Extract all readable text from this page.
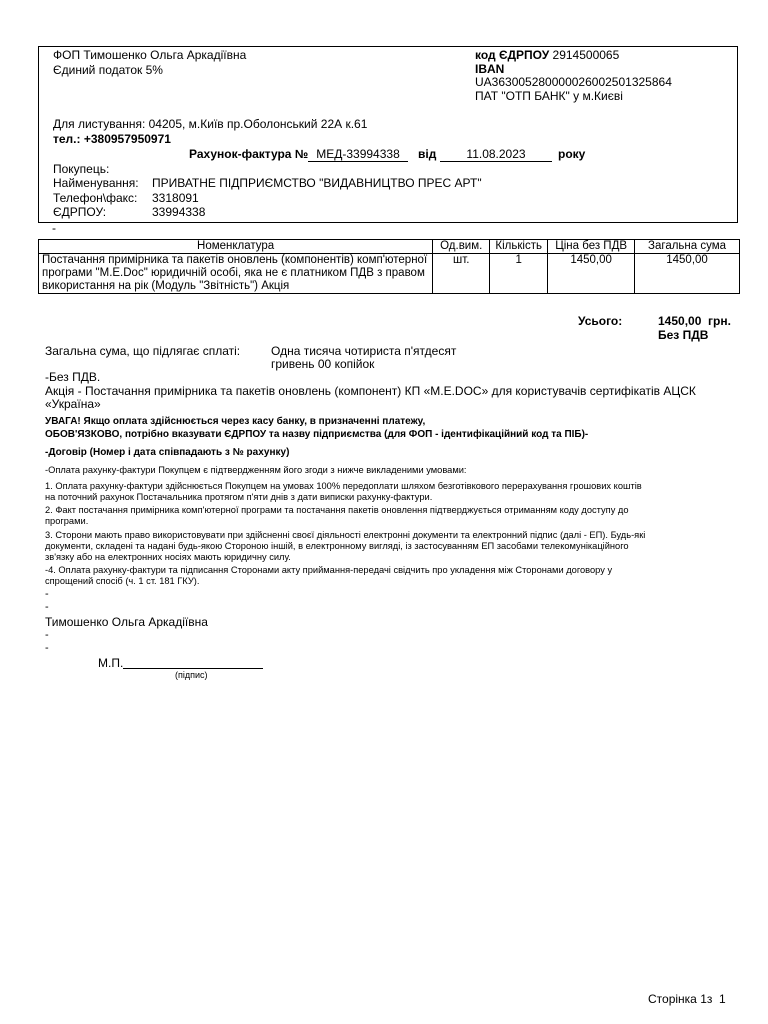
ФОП Тимошенко Ольга Аркадіївна
Єдиний податок 5%
код ЄДРПОУ 2914500065
IBAN
UA363005280000026002501325864
ПАТ "ОТП БАНК" у м.Києві
Для листування: 04205, м.Київ пр.Оболонський 22А к.61
тел.: +380957950971
Рахунок-фактура № МЕД-33994338	від	11.08.2023	року
Покупець:
Найменування: ПРИВАТНЕ ПІДПРИЄМСТВО "ВИДАВНИЦТВО ПРЕС АРТ"
Телефон\факс: 3318091
ЄДРПОУ:	33994338
-
Номенклатура	Од.вим.	Кількість	Ціна без ПДВ	Загальна сума
Постачання примірника та пакетів оновлень (компонентів) комп'ютерної програми "M.E.Doc" юридичній особі, яка не є платником ПДВ з правом використання на рік (Модуль "Звітність") Акція	шт.	1	1450,00	1450,00
Усього:	1450,00  грн.
Без ПДВ
Загальна сума, що підлягає сплаті:	Одна тисяча чотириста п'ятдесят
гривень 00 копійок
-Без ПДВ.
Акція - Постачання примірника та пакетів оновлень (компонент) КП «M.E.DOC» для користувачів сертифікатів АЦСК
«Україна»
УВАГА! Якщо оплата здійснюється через касу банку, в призначенні платежу,
ОБОВ'ЯЗКОВО, потрібно вказувати ЄДРПОУ та назву підприємства (для ФОП - ідентифікаційний код та ПІБ)-
-Договір (Номер і дата співпадають з № рахунку)
-Оплата рахунку-фактури Покупцем є підтвердженням його згоди з нижче викладеними умовами:
1. Оплата рахунку-фактури здійснюється Покупцем на умовах 100% передоплати шляхом безготівкового перерахування грошових коштів
на поточний рахунок Постачальника протягом п'яти днів з дати виписки рахунку-фактури.
2. Факт постачання примірника комп'ютерної програми та постачання пакетів оновлення підтверджується отриманням коду доступу до
програми.
3. Сторони мають право використовувати при здійсненні своєї діяльності електронні документи та електронний підпис (далі - ЕП). Будь-які
документи, складені та надані будь-якою Стороною іншій, в електронному вигляді, із застосуванням ЕП засобами телекомунікаційного
зв'язку або на електронних носіях мають юридичну силу.
-4. Оплата рахунку-фактури та підписання Сторонами акту приймання-передачі свідчить про укладення між Сторонами договору у
спрощений спосіб (ч. 1 ст. 181 ГКУ).
-
-
Тимошенко Ольга Аркадіївна
-
-
М.П.
(підпис)
Сторінка 1з  1
